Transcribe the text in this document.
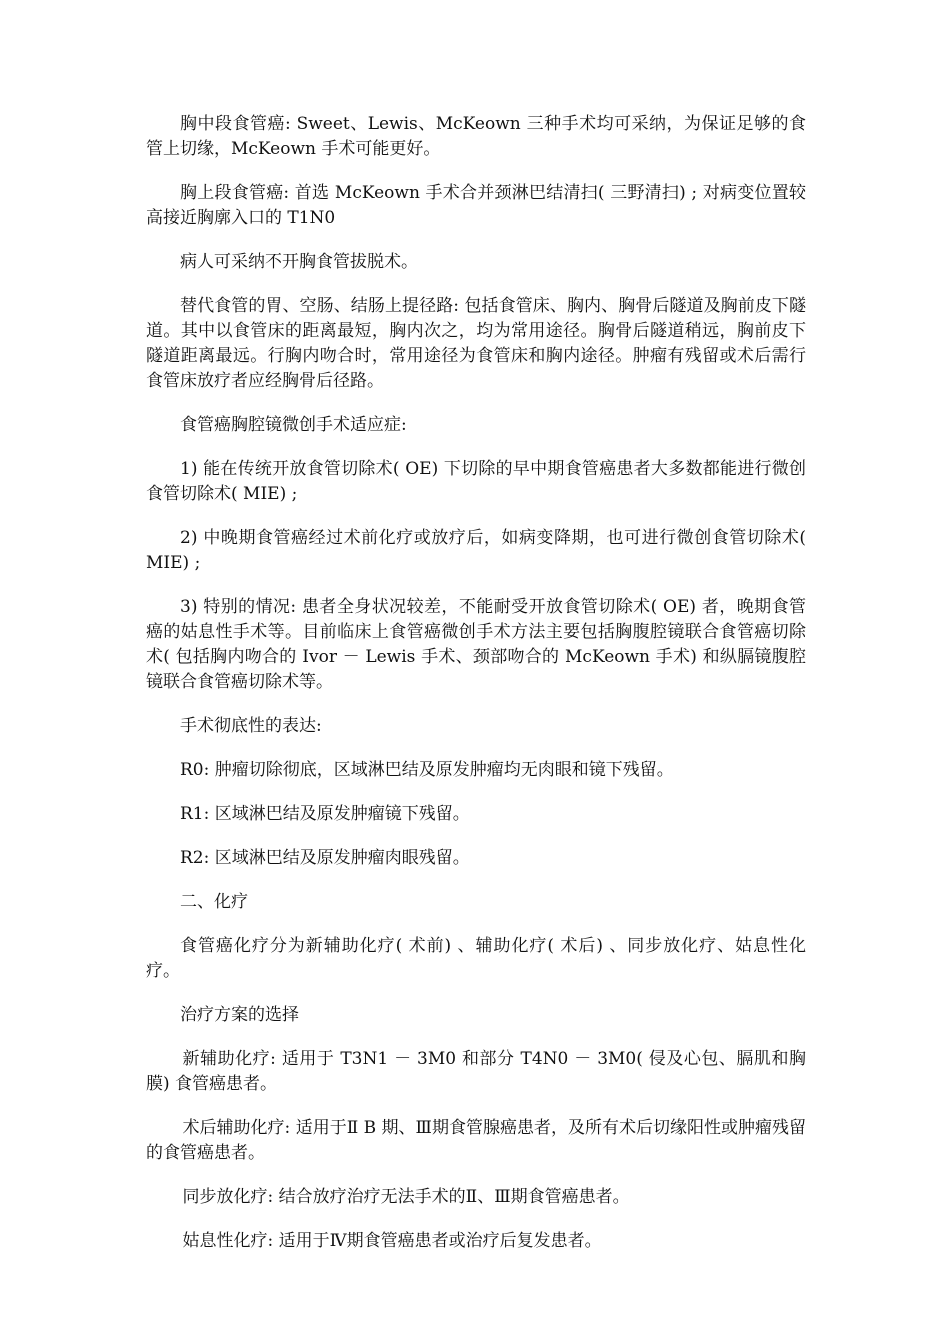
胸中段食管癌: Sweet、Lewis、McKeown 三种手术均可采纳，为保证足够的食管上切缘，McKeown 手术可能更好。

胸上段食管癌: 首选 McKeown 手术合并颈淋巴结清扫( 三野清扫) ; 对病变位置较高接近胸廓入口的 T1N0

病人可采纳不开胸食管拔脱术。

替代食管的胃、空肠、结肠上提径路: 包括食管床、胸内、胸骨后隧道及胸前皮下隧道。其中以食管床的距离最短，胸内次之，均为常用途径。胸骨后隧道稍远，胸前皮下隧道距离最远。行胸内吻合时，常用途径为食管床和胸内途径。肿瘤有残留或术后需行食管床放疗者应经胸骨后径路。

食管癌胸腔镜微创手术适应症:

1) 能在传统开放食管切除术( OE) 下切除的早中期食管癌患者大多数都能进行微创食管切除术( MIE) ;

2) 中晚期食管癌经过术前化疗或放疗后，如病变降期，也可进行微创食管切除术( MIE) ;

3) 特别的情况: 患者全身状况较差，不能耐受开放食管切除术( OE) 者，晚期食管癌的姑息性手术等。目前临床上食管癌微创手术方法主要包括胸腹腔镜联合食管癌切除术( 包括胸内吻合的 Ivor － Lewis 手术、颈部吻合的 McKeown 手术) 和纵膈镜腹腔镜联合食管癌切除术等。

手术彻底性的表达:

R0: 肿瘤切除彻底，区域淋巴结及原发肿瘤均无肉眼和镜下残留。

R1: 区域淋巴结及原发肿瘤镜下残留。

R2: 区域淋巴结及原发肿瘤肉眼残留。

二、化疗

食管癌化疗分为新辅助化疗( 术前) 、辅助化疗( 术后) 、同步放化疗、姑息性化疗。

治疗方案的选择

新辅助化疗: 适用于 T3N1 － 3M0 和部分 T4N0 － 3M0( 侵及心包、膈肌和胸膜) 食管癌患者。

术后辅助化疗: 适用于Ⅱ B 期、Ⅲ期食管腺癌患者，及所有术后切缘阳性或肿瘤残留的食管癌患者。

同步放化疗: 结合放疗治疗无法手术的Ⅱ、Ⅲ期食管癌患者。

姑息性化疗: 适用于Ⅳ期食管癌患者或治疗后复发患者。
